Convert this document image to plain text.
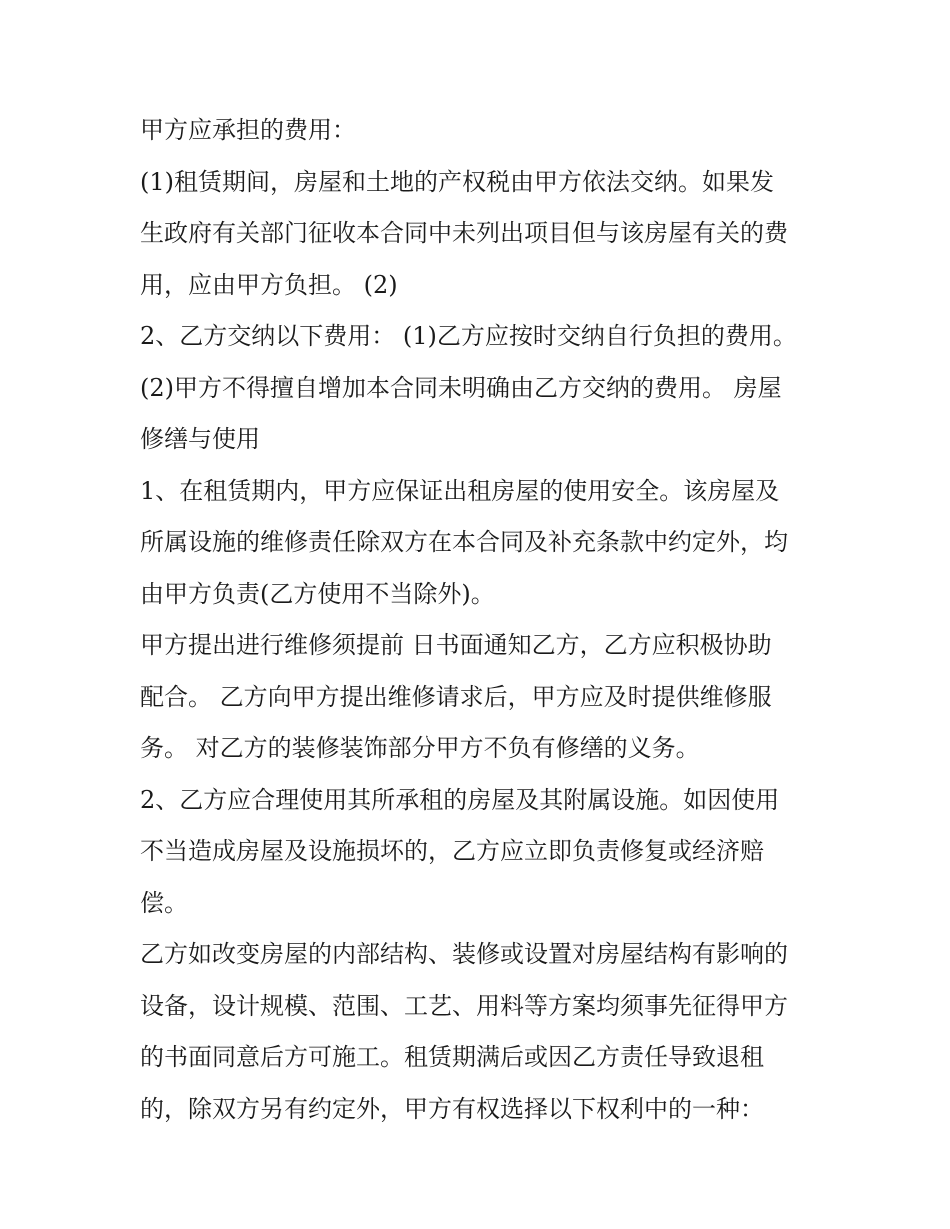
甲方应承担的费用：
(1)租赁期间，房屋和土地的产权税由甲方依法交纳。如果发
生政府有关部门征收本合同中未列出项目但与该房屋有关的费
用，应由甲方负担。 (2)
2、乙方交纳以下费用： (1)乙方应按时交纳自行负担的费用。
(2)甲方不得擅自增加本合同未明确由乙方交纳的费用。 房屋
修缮与使用
1、在租赁期内，甲方应保证出租房屋的使用安全。该房屋及
所属设施的维修责任除双方在本合同及补充条款中约定外，均
由甲方负责(乙方使用不当除外)。
甲方提出进行维修须提前 日书面通知乙方，乙方应积极协助
配合。 乙方向甲方提出维修请求后，甲方应及时提供维修服
务。 对乙方的装修装饰部分甲方不负有修缮的义务。
2、乙方应合理使用其所承租的房屋及其附属设施。如因使用
不当造成房屋及设施损坏的，乙方应立即负责修复或经济赔
偿。
乙方如改变房屋的内部结构、装修或设置对房屋结构有影响的
设备，设计规模、范围、工艺、用料等方案均须事先征得甲方
的书面同意后方可施工。租赁期满后或因乙方责任导致退租
的，除双方另有约定外，甲方有权选择以下权利中的一种：
